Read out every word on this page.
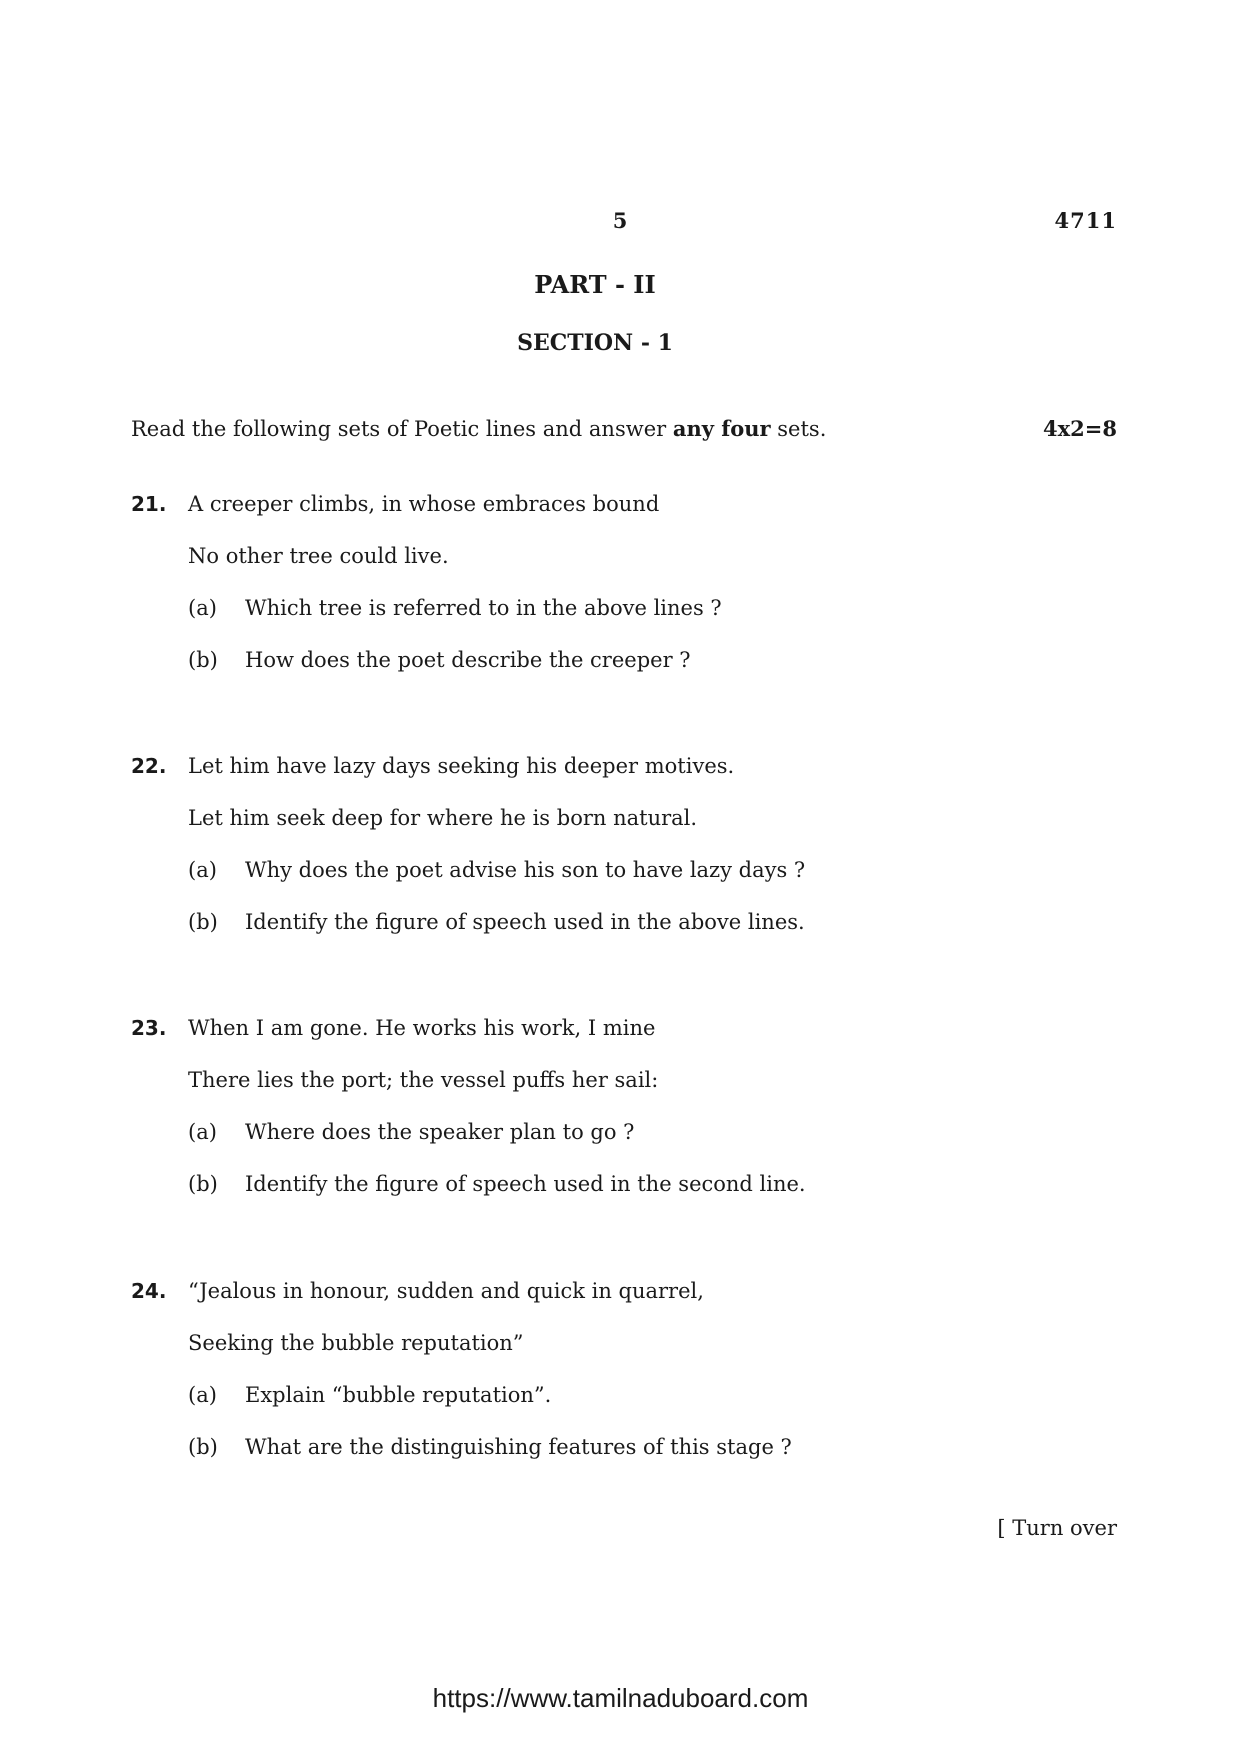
5	4711
PART - II
SECTION - 1
Read the following sets of Poetic lines and answer any four sets.	4x2=8
21. A creeper climbs, in whose embraces bound
No other tree could live.
(a) Which tree is referred to in the above lines ?
(b) How does the poet describe the creeper ?
22. Let him have lazy days seeking his deeper motives.
Let him seek deep for where he is born natural.
(a) Why does the poet advise his son to have lazy days ?
(b) Identify the figure of speech used in the above lines.
23. When I am gone. He works his work, I mine
There lies the port; the vessel puffs her sail:
(a) Where does the speaker plan to go ?
(b) Identify the figure of speech used in the second line.
24. “Jealous in honour, sudden and quick in quarrel,
Seeking the bubble reputation”
(a) Explain “bubble reputation”.
(b) What are the distinguishing features of this stage ?
[ Turn over
https://www.tamilnaduboard.com
